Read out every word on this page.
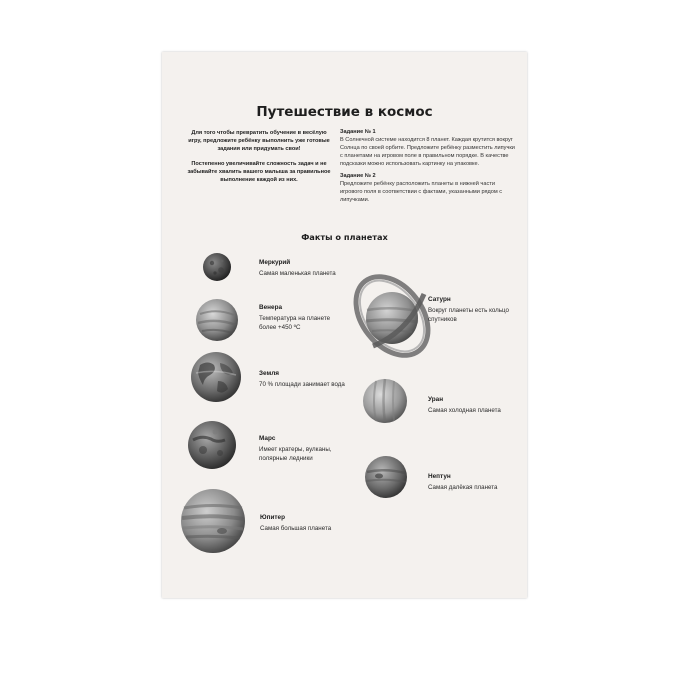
Путешествие в космос

Для того чтобы превратить обучение в весёлую игру, предложите ребёнку выполнить уже готовые задания или придумать свои!

Постепенно увеличивайте сложность задач и не забывайте хвалить вашего малыша за правильное выполнение каждой из них.

Задание № 1
В Солнечной системе находится 8 планет. Каждая крутится вокруг Солнца по своей орбите. Предложите ребёнку разместить липучки с планетами на игровом поле в правильном порядке. В качестве подсказки можно использовать картинку на упаковке.
Задание № 2
Предложите ребёнку расположить планеты в нижней части игрового поля в соответствии с фактами, указанными рядом с липучками.
Факты о планетах
Меркурий
Самая маленькая планета
Венера
Температура на планете
более +450 ºС
Земля
70 % площади занимает вода
Марс
Имеет кратеры, вулканы,
полярные ледники
Юпитер
Самая большая планета
Сатурн
Вокруг планеты есть кольцо
спутников
Уран
Самая холодная планета
Нептун
Самая далёкая планета
